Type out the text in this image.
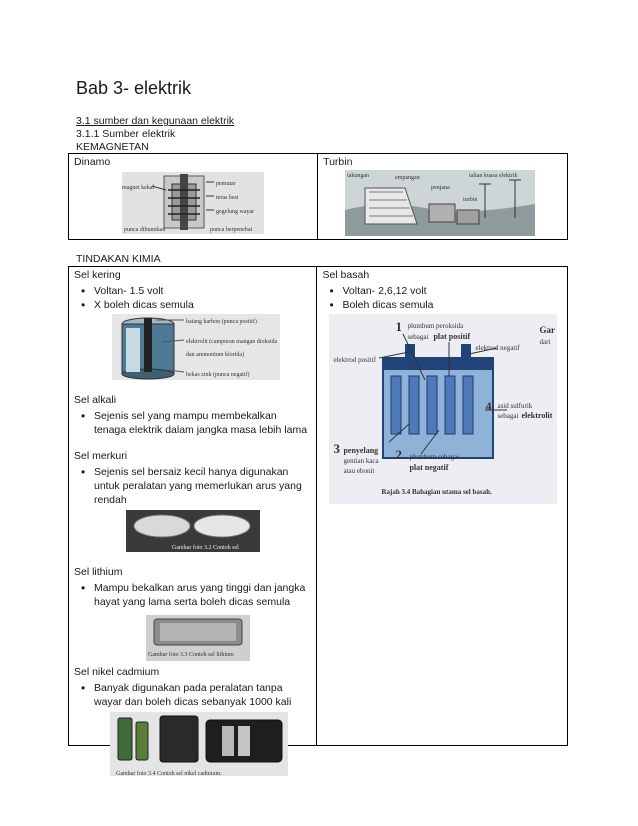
Bab 3- elektrik
3.1 sumber dan kegunaan elektrik
3.1.1 Sumber elektrik
KEMAGNETAN
Dinamo
magnet kekal
pemutar
teras besi
gegelung wayar
punca dibumikan	punca berpenebat

Turbin
takungan	empangan
penjana
turbin
talian kuasa elektrik
TINDAKAN KIMIA
Sel kering
• Voltan- 1.5 volt
• X boleh dicas semula
batang karbon (punca positif)
elektrolit (campuran mangan dioksida dan ammonium klorida)
bekas zink (punca negatif)
Sel alkali
• Sejenis sel yang mampu membekalkan tenaga elektrik dalam jangka masa lebih lama
Sel merkuri
• Sejenis sel bersaiz kecil hanya digunakan untuk peralatan yang memerlukan arus yang rendah
Gambar foto 3.2 Contoh sel
Sel lithium
• Mampu bekalkan arus yang tinggi dan jangka hayat yang lama serta boleh dicas semula
Gambar foto 3.3 Contoh sel lithium
Sel nikel cadmium
• Banyak digunakan pada peralatan tanpa wayar dan boleh dicas sebanyak 1000 kali
Gambar foto 3.4 Contoh sel nikel cadmium.

Sel basah
• Voltan- 2,6,12 volt
• Boleh dicas semula
1 plumbum peroksida
sebagai plat positif
elektrod positif
elektrod negatif
4 asid sulfurik
sebagai elektrolit
3 penyelang
gentian kaca
atau ebonit
2 plumbum sebagai
plat negatif
Rajah 3.4 Bahagian utama sel basah.
Gar
dari
